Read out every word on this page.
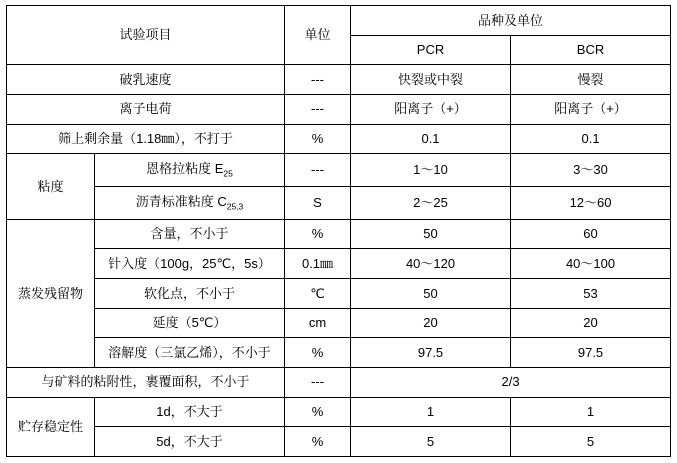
试验项目		单位	品种及单位	
			PCR	BCR
破乳速度		---	快裂或中裂	慢裂
离子电荷		---	阳离子（+）	阳离子（+）
筛上剩余量（1.18㎜），不打于		%	0.1	0.1
粘度	恩格拉粘度 $E_{25}$	---	1～10	3～30
	沥青标准粘度 $C_{25,3}$	S	2～25	12～60
蒸发残留物	含量，不小于	%	50	60
	针入度（100g，25℃，5s）	0.1㎜	40～120	40～100
	软化点，不小于	℃	50	53
	延度（5℃）	cm	20	20
	溶解度（三氯乙烯），不小于	%	97.5	97.5
与矿料的粘附性，裹覆面积，不小于		---	2/3	
贮存稳定性	1d，不大于	%	1	1
	5d，不大于	%	5	5
